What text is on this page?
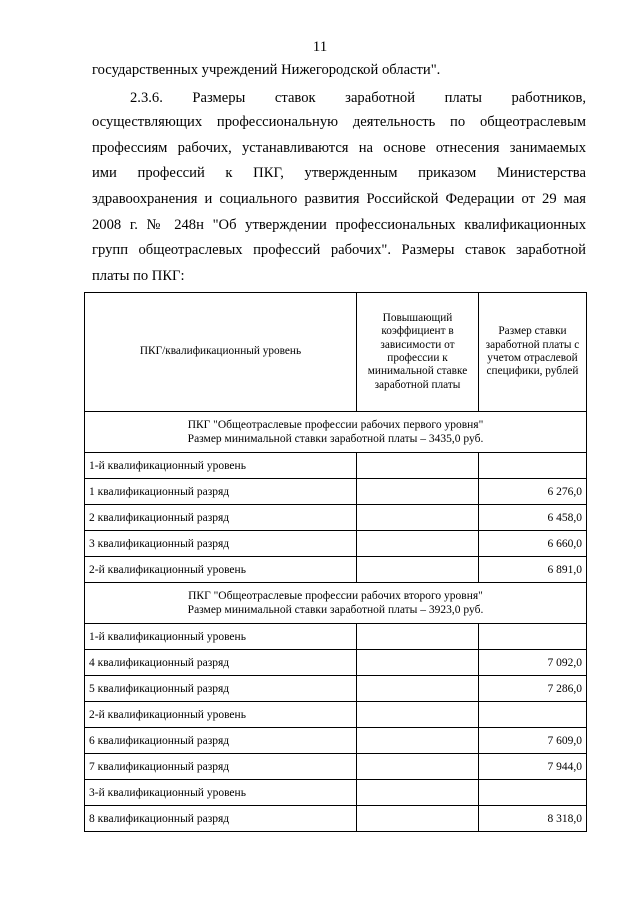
11
государственных учреждений Нижегородской области".
2.3.6. Размеры ставок заработной платы работников,
осуществляющих профессиональную деятельность по общеотраслевым
профессиям рабочих, устанавливаются на основе отнесения занимаемых
ими профессий к ПКГ, утвержденным приказом Министерства
здравоохранения и социального развития Российской Федерации от 29 мая
2008 г. № 248н "Об утверждении профессиональных квалификационных
групп общеотраслевых профессий рабочих". Размеры ставок заработной
платы по ПКГ:
ПКГ/квалификационный уровень	Повышающий коэффициент в зависимости от профессии к минимальной ставке заработной платы	Размер ставки заработной платы с учетом отраслевой специфики, рублей

ПКГ "Общеотраслевые профессии рабочих первого уровня"
Размер минимальной ставки заработной платы – 3435,0 руб.		

1-й квалификационный уровень		
1 квалификационный разряд		6 276,0
2 квалификационный разряд		6 458,0
3 квалификационный разряд		6 660,0
2-й квалификационный уровень		6 891,0

ПКГ "Общеотраслевые профессии рабочих второго уровня"
Размер минимальной ставки заработной платы – 3923,0 руб.		

1-й квалификационный уровень		
4 квалификационный разряд		7 092,0
5 квалификационный разряд		7 286,0
2-й квалификационный уровень		
6 квалификационный разряд		7 609,0
7 квалификационный разряд		7 944,0
3-й квалификационный уровень		
8 квалификационный разряд		8 318,0
